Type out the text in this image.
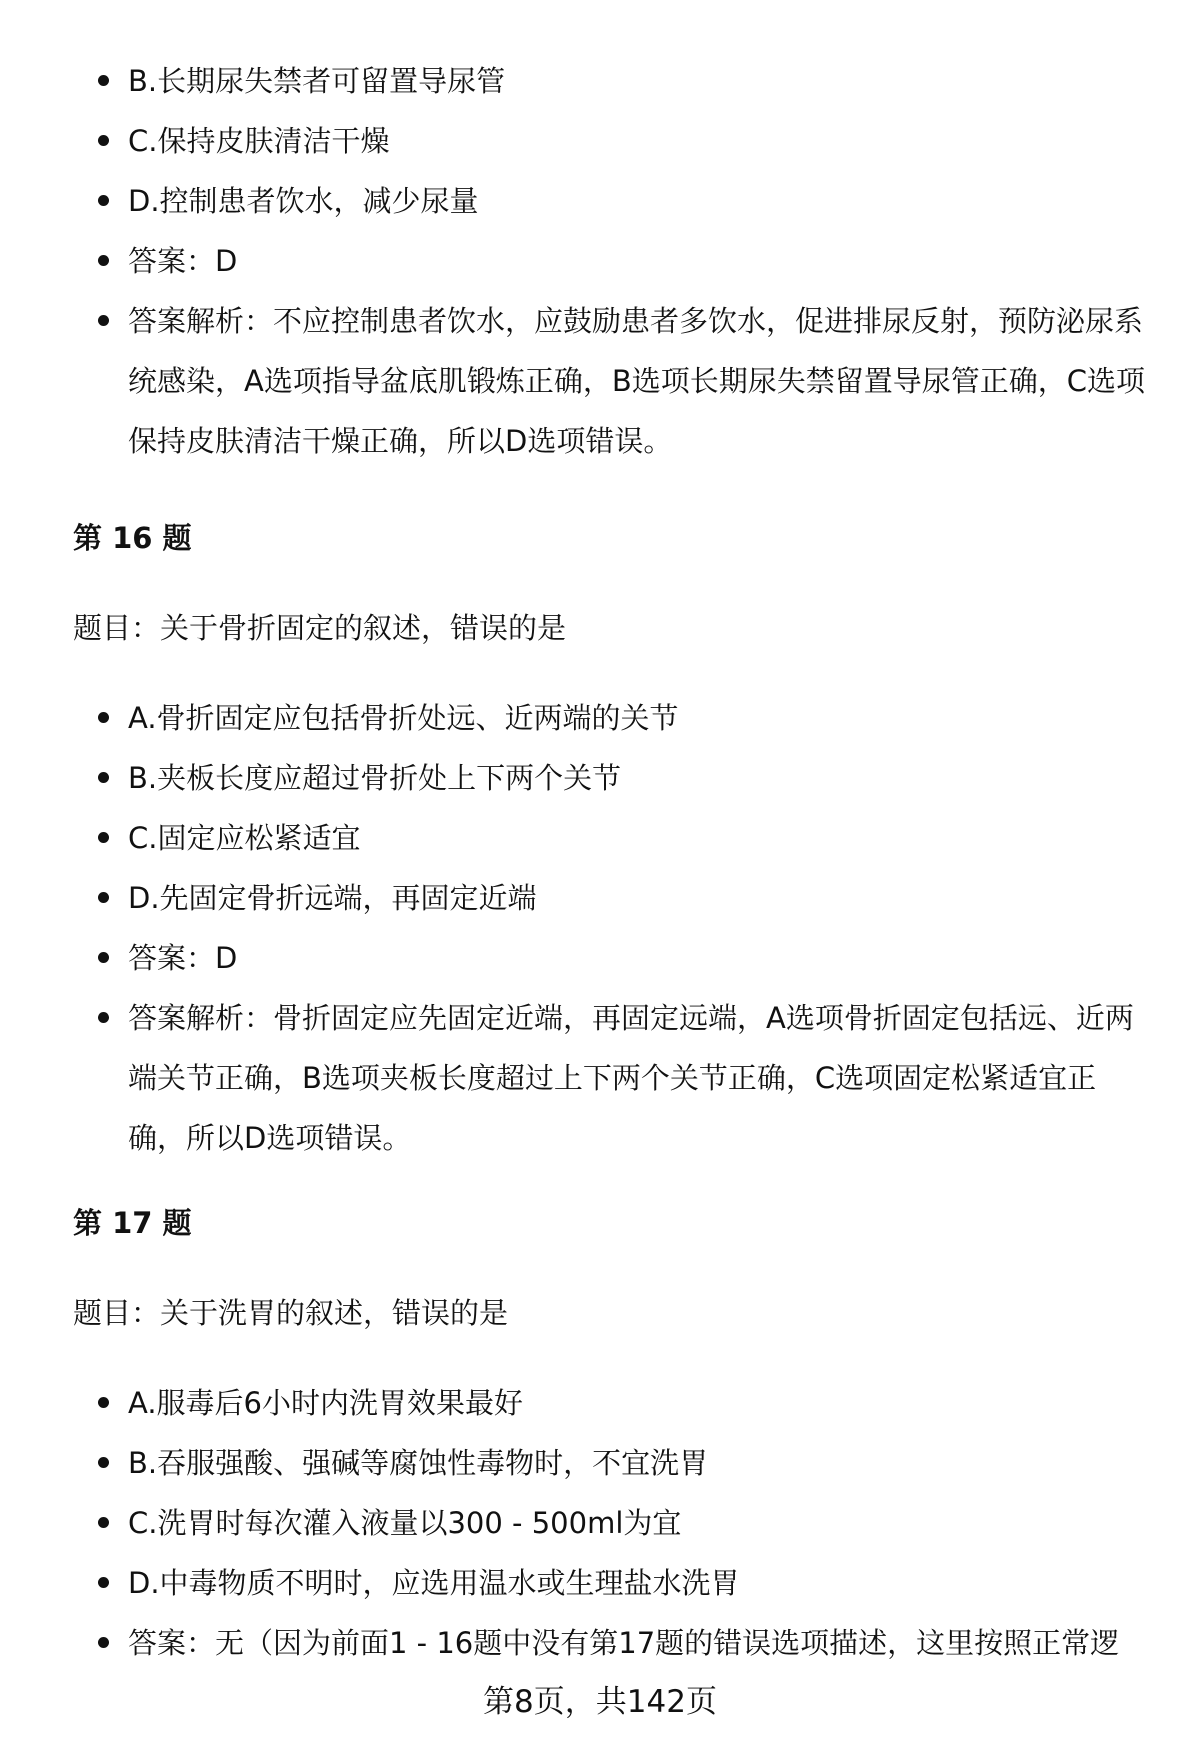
B.长期尿失禁者可留置导尿管
C.保持皮肤清洁干燥
D.控制患者饮水，减少尿量
答案：D
答案解析：不应控制患者饮水，应鼓励患者多饮水，促进排尿反射，预防泌尿系统感染，A选项指导盆底肌锻炼正确，B选项长期尿失禁留置导尿管正确，C选项保持皮肤清洁干燥正确，所以D选项错误。
第 16 题
题目：关于骨折固定的叙述，错误的是
A.骨折固定应包括骨折处远、近两端的关节
B.夹板长度应超过骨折处上下两个关节
C.固定应松紧适宜
D.先固定骨折远端，再固定近端
答案：D
答案解析：骨折固定应先固定近端，再固定远端，A选项骨折固定包括远、近两端关节正确，B选项夹板长度超过上下两个关节正确，C选项固定松紧适宜正确，所以D选项错误。
第 17 题
题目：关于洗胃的叙述，错误的是
A.服毒后6小时内洗胃效果最好
B.吞服强酸、强碱等腐蚀性毒物时，不宜洗胃
C.洗胃时每次灌入液量以300 - 500ml为宜
D.中毒物质不明时，应选用温水或生理盐水洗胃
答案：无（因为前面1 - 16题中没有第17题的错误选项描述，这里按照正常逻
第8页，共142页
